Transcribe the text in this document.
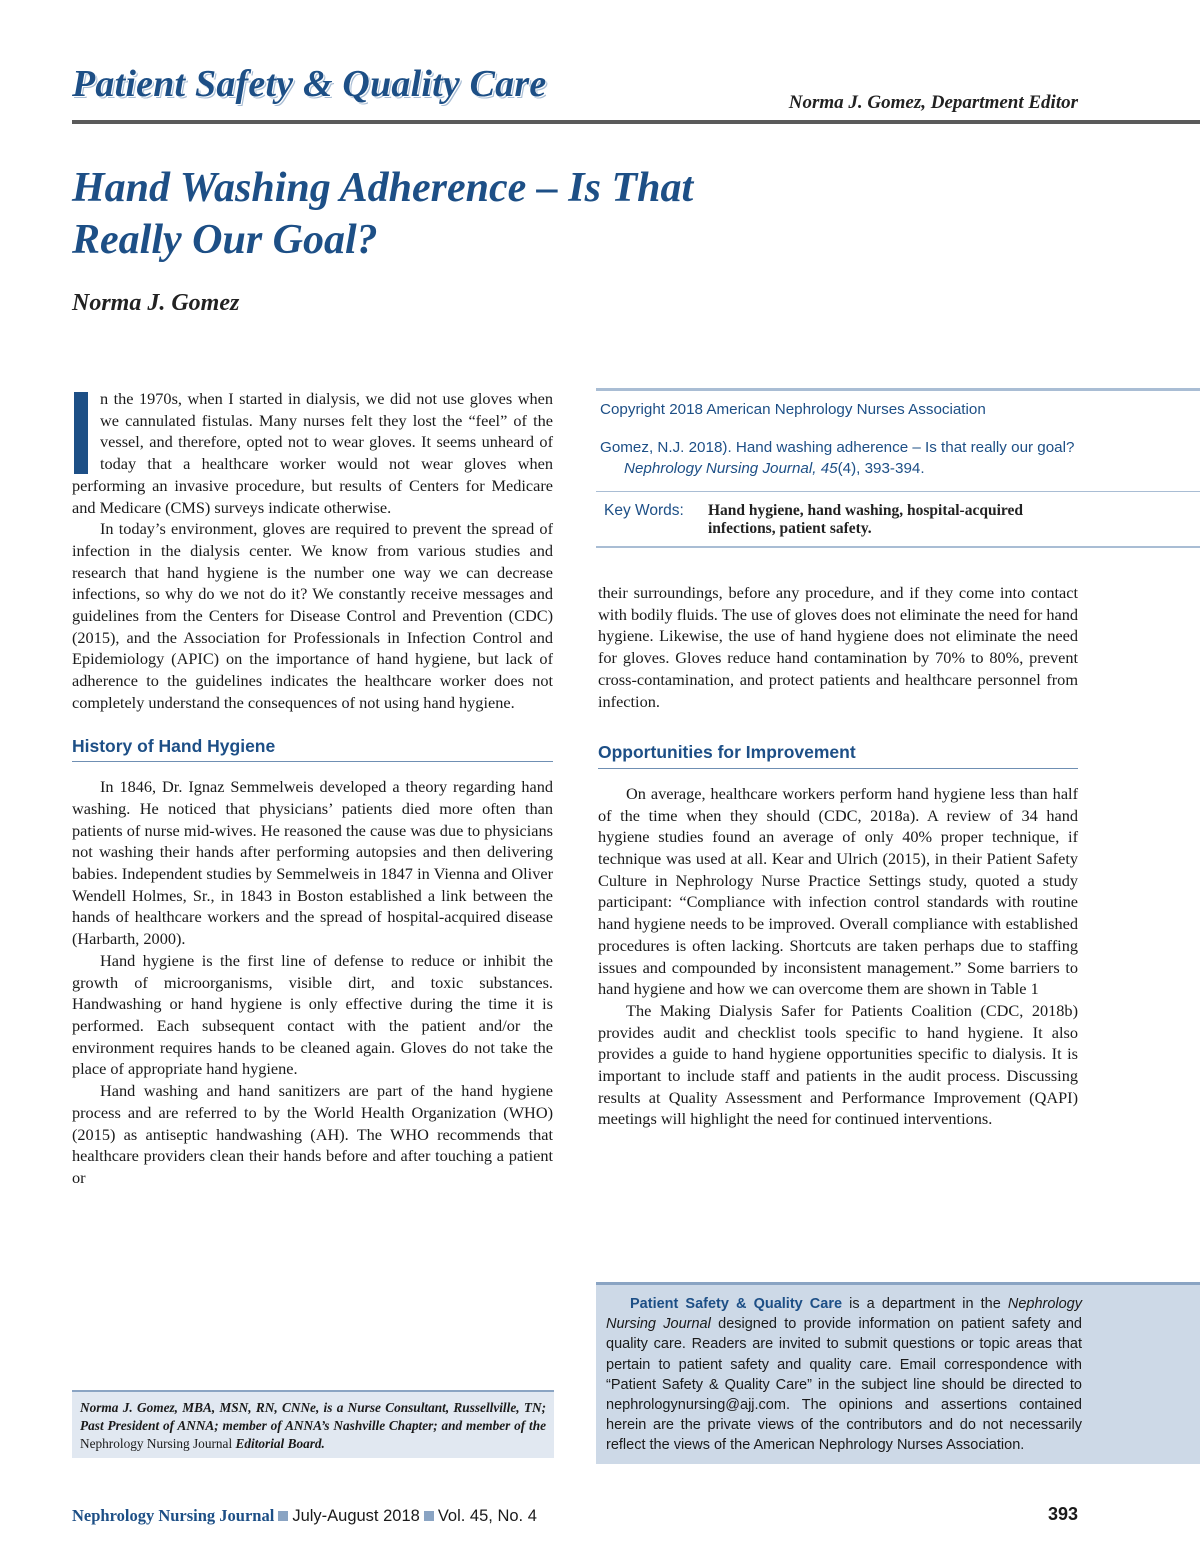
Patient Safety & Quality Care	Norma J. Gomez, Department Editor
Hand Washing Adherence – Is That
Really Our Goal?
Norma J. Gomez

n the 1970s, when I started in dialysis, we did not use gloves when we cannulated fistulas. Many nurses felt they lost the “feel” of the vessel, and therefore, opted not to wear gloves. It seems unheard of today that a healthcare worker would not wear gloves when performing an invasive procedure, but results of Centers for Medicare and Medicare (CMS) surveys indicate otherwise.

In today’s environment, gloves are required to prevent the spread of infection in the dialysis center. We know from various studies and research that hand hygiene is the number one way we can decrease infections, so why do we not do it? We constantly receive messages and guidelines from the Centers for Disease Control and Prevention (CDC) (2015), and the Association for Professionals in Infection Control and Epidemiology (APIC) on the importance of hand hygiene, but lack of adherence to the guidelines indicates the healthcare worker does not completely understand the consequences of not using hand hygiene.

History of Hand Hygiene

In 1846, Dr. Ignaz Semmelweis developed a theory regarding hand washing. He noticed that physicians’ patients died more often than patients of nurse mid-wives. He reasoned the cause was due to physicians not washing their hands after performing autopsies and then delivering babies. Independent studies by Semmelweis in 1847 in Vienna and Oliver Wendell Holmes, Sr., in 1843 in Boston established a link between the hands of healthcare workers and the spread of hospital-acquired disease (Harbarth, 2000).

Hand hygiene is the first line of defense to reduce or inhibit the growth of microorganisms, visible dirt, and toxic substances. Handwashing or hand hygiene is only effective during the time it is performed. Each subsequent contact with the patient and/or the environment requires hands to be cleaned again. Gloves do not take the place of appropriate hand hygiene.

Hand washing and hand sanitizers are part of the hand hygiene process and are referred to by the World Health Organization (WHO) (2015) as antiseptic handwashing (AH). The WHO recommends that healthcare providers clean their hands before and after touching a patient or

Copyright 2018 American Nephrology Nurses Association
Gomez, N.J. 2018). Hand washing adherence – Is that really our goal? Nephrology Nursing Journal, 45(4), 393-394.
Key Words:	Hand hygiene, hand washing, hospital-acquired infections, patient safety.

their surroundings, before any procedure, and if they come into contact with bodily fluids. The use of gloves does not eliminate the need for hand hygiene. Likewise, the use of hand hygiene does not eliminate the need for gloves. Gloves reduce hand contamination by 70% to 80%, prevent cross-contamination, and protect patients and healthcare personnel from infection.

Opportunities for Improvement

On average, healthcare workers perform hand hygiene less than half of the time when they should (CDC, 2018a). A review of 34 hand hygiene studies found an average of only 40% proper technique, if technique was used at all. Kear and Ulrich (2015), in their Patient Safety Culture in Nephrology Nurse Practice Settings study, quoted a study participant: “Compliance with infection control standards with routine hand hygiene needs to be improved. Overall compliance with established procedures is often lacking. Shortcuts are taken perhaps due to staffing issues and compounded by inconsistent management.” Some barriers to hand hygiene and how we can overcome them are shown in Table 1

The Making Dialysis Safer for Patients Coalition (CDC, 2018b) provides audit and checklist tools specific to hand hygiene. It also provides a guide to hand hygiene opportunities specific to dialysis. It is important to include staff and patients in the audit process. Discussing results at Quality Assessment and Performance Improvement (QAPI) meetings will highlight the need for continued interventions.

Norma J. Gomez, MBA, MSN, RN, CNNe, is a Nurse Consultant, Russellville, TN; Past President of ANNA; member of ANNA’s Nashville Chapter; and member of the Nephrology Nursing Journal Editorial Board.
Patient Safety & Quality Care is a department in the Nephrology Nursing Journal designed to provide information on patient safety and quality care. Readers are invited to submit questions or topic areas that pertain to patient safety and quality care. Email correspondence with “Patient Safety & Quality Care” in the subject line should be directed to nephrologynursing@ajj.com. The opinions and assertions contained herein are the private views of the contributors and do not necessarily reflect the views of the American Nephrology Nurses Association.
Nephrology Nursing Journal July-August 2018 Vol. 45, No. 4	393
